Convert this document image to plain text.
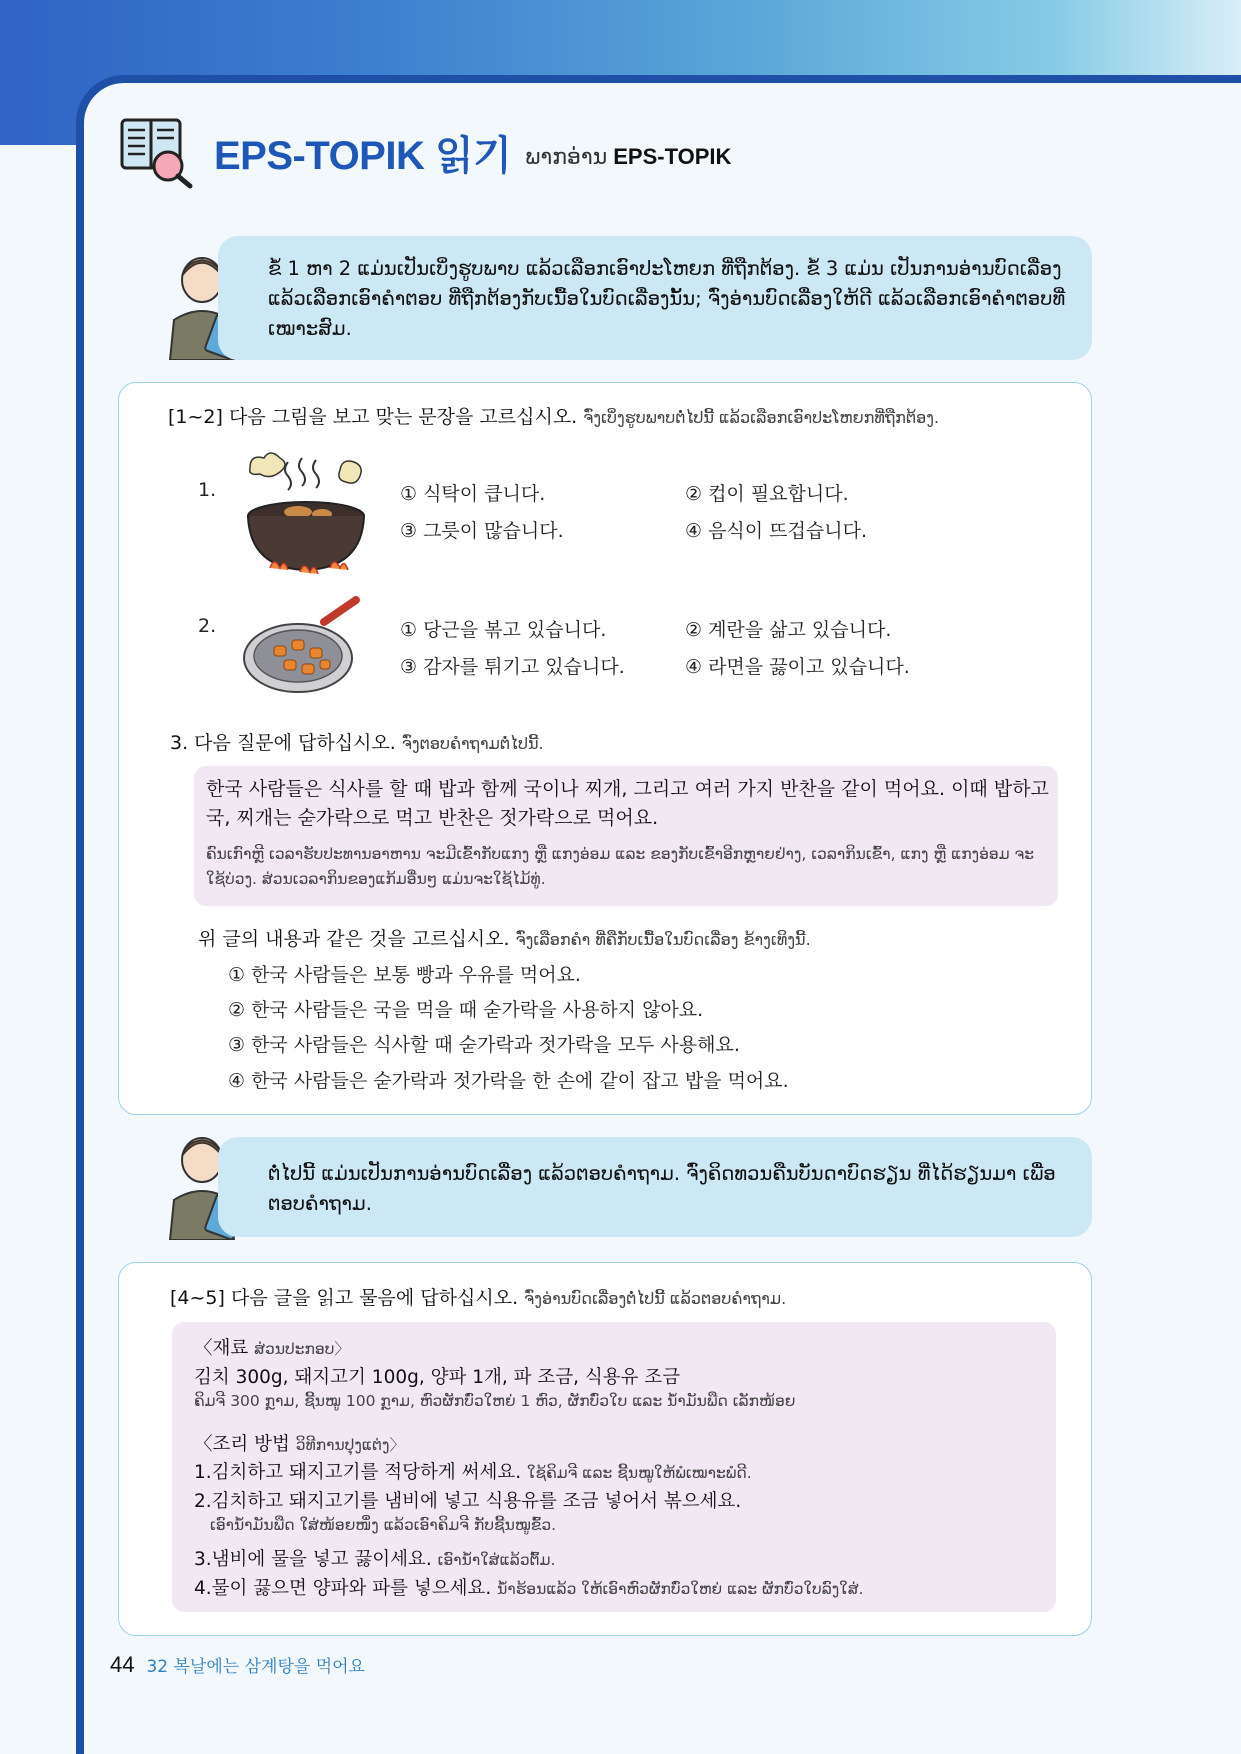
EPS-TOPIK 읽기 ພາກອ່ານ EPS-TOPIK
ຂໍ້ 1 ຫາ 2 ແມ່ນເປັນເບິ່ງຮູບພາບ ແລ້ວເລືອກເອົາປະໂຫຍກ ທີ່ຖືກຕ້ອງ. ຂໍ້ 3 ແມ່ນ ເປັນການອ່ານບົດເລື່ອງ ແລ້ວເລືອກເອົາຄຳຕອບ ທີ່ຖືກຕ້ອງກັບເນື້ອໃນບົດເລື່ອງນັ້ນ; ຈົ່ງອ່ານບົດເລື່ອງໃຫ້ດີ ແລ້ວເລືອກເອົາຄຳຕອບທີ່ເໝາະສົມ.
[1~2] 다음 그림을 보고 맞는 문장을 고르십시오. ຈົ່ງເບິ່ງຮູບພາບຕໍ່ໄປນີ້ ແລ້ວເລືອກເອົາປະໂຫຍກທີ່ຖືກຕ້ອງ.
1.	① 식탁이 큽니다.	② 컵이 필요합니다.
③ 그릇이 많습니다.	④ 음식이 뜨겁습니다.
2.	① 당근을 볶고 있습니다.	② 계란을 삶고 있습니다.
③ 감자를 튀기고 있습니다.	④ 라면을 끓이고 있습니다.
3. 다음 질문에 답하십시오. ຈົ່ງຕອບຄຳຖາມຕໍ່ໄປນີ້.
한국 사람들은 식사를 할 때 밥과 함께 국이나 찌개, 그리고 여러 가지 반찬을 같이 먹어요. 이때 밥하고 국, 찌개는 숟가락으로 먹고 반찬은 젓가락으로 먹어요.
ຄົນເກົາຫຼີ ເວລາຮັບປະທານອາຫານ ຈະມີເຂົ້າກັບແກງ ຫຼື ແກງອ່ອມ ແລະ ຂອງກັບເຂົ້າອີກຫຼາຍຢ່າງ, ເວລາກິນເຂົ້າ, ແກງ ຫຼື ແກງອ່ອມ ຈະໃຊ້ບ່ວງ. ສ່ວນເວລາກິນຂອງແກ້ມອື່ນໆ ແມ່ນຈະໃຊ້ໄມ້ທູ່.
위 글의 내용과 같은 것을 고르십시오. ຈົ່ງເລືອກຄຳ ທີ່ຄືກັບເນື້ອໃນບົດເລື່ອງ ຂ້າງເທິງນີ້.
① 한국 사람들은 보통 빵과 우유를 먹어요.
② 한국 사람들은 국을 먹을 때 숟가락을 사용하지 않아요.
③ 한국 사람들은 식사할 때 숟가락과 젓가락을 모두 사용해요.
④ 한국 사람들은 숟가락과 젓가락을 한 손에 같이 잡고 밥을 먹어요.
ຕໍ່ໄປນີ້ ແມ່ນເປັນການອ່ານບົດເລື່ອງ ແລ້ວຕອບຄຳຖາມ. ຈົ່ງຄິດທວນຄືນບັນດາບົດຮຽນ ທີ່ໄດ້ຮຽນມາ ເພື່ອຕອບຄຳຖາມ.
[4~5] 다음 글을 읽고 물음에 답하십시오. ຈົ່ງອ່ານບົດເລື່ອງຕໍ່ໄປນີ້ ແລ້ວຕອບຄຳຖາມ.
〈재료 ສ່ວນປະກອບ〉
김치 300g, 돼지고기 100g, 양파 1개, 파 조금, 식용유 조금
ຄິມຈີ 300 ກຼາມ, ຊີ້ນໝູ 100 ກຼາມ, ຫົວຜັກບົ່ວໃຫຍ່ 1 ຫົວ, ຜັກບົ່ວໃບ ແລະ ນ້ຳມັນພືດ ເລັກໜ້ອຍ
〈조리 방법 ວິທີການປຸງແຕ່ງ〉
1.김치하고 돼지고기를 적당하게 써세요. ໃຊ້ຄິມຈີ ແລະ ຊີ້ນໝູໃຫ້ພໍເໝາະພໍດີ.
2.김치하고 돼지고기를 냄비에 넣고 식용유를 조금 넣어서 볶으세요.
ເອົານ້ຳມັນພືດ ໃສ່ໜ້ອຍໜຶ່ງ ແລ້ວເອົາຄິມຈີ ກັບຊີ້ນໝູຂົ້ວ.
3.냄비에 물을 넣고 끓이세요. ເອົານ້ຳໃສ່ແລ້ວຕົ້ມ.
4.물이 끓으면 양파와 파를 넣으세요. ນ້ຳຮ້ອນແລ້ວ ໃຫ້ເອົາຫົວຜັກບົ່ວໃຫຍ່ ແລະ ຜັກບົ່ວໃບລົງໃສ່.
44 32 복날에는 삼계탕을 먹어요
